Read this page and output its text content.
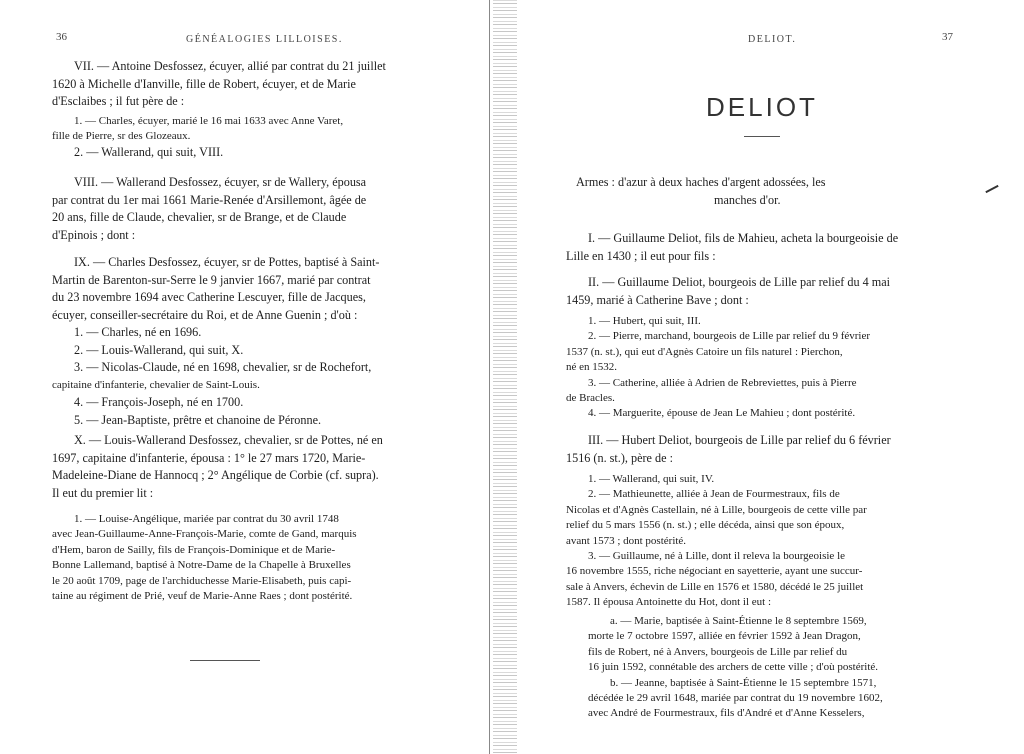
36	GÉNÉALOGIES LILLOISES.
VII. — Antoine Desfossez, écuyer, allié par contrat du 21 juillet
1620 à Michelle d'Ianville, fille de Robert, écuyer, et de Marie
d'Esclaibes ; il fut père de :
1. — Charles, écuyer, marié le 16 mai 1633 avec Anne Varet,
fille de Pierre, sr des Glozeaux.
2. — Wallerand, qui suit, VIII.
VIII. — Wallerand Desfossez, écuyer, sr de Wallery, épousa
par contrat du 1er mai 1661 Marie-Renée d'Arsillemont, âgée de
20 ans, fille de Claude, chevalier, sr de Brange, et de Claude
d'Epinois ; dont :
IX. — Charles Desfossez, écuyer, sr de Pottes, baptisé à Saint-
Martin de Barenton-sur-Serre le 9 janvier 1667, marié par contrat
du 23 novembre 1694 avec Catherine Lescuyer, fille de Jacques,
écuyer, conseiller-secrétaire du Roi, et de Anne Guenin ; d'où :
1. — Charles, né en 1696.
2. — Louis-Wallerand, qui suit, X.
3. — Nicolas-Claude, né en 1698, chevalier, sr de Rochefort,
capitaine d'infanterie, chevalier de Saint-Louis.
4. — François-Joseph, né en 1700.
5. — Jean-Baptiste, prêtre et chanoine de Péronne.
X. — Louis-Wallerand Desfossez, chevalier, sr de Pottes, né en
1697, capitaine d'infanterie, épousa : 1° le 27 mars 1720, Marie-
Madeleine-Diane de Hannocq ; 2° Angélique de Corbie (cf. supra).
Il eut du premier lit :
1. — Louise-Angélique, mariée par contrat du 30 avril 1748
avec Jean-Guillaume-Anne-François-Marie, comte de Gand, marquis
d'Hem, baron de Sailly, fils de François-Dominique et de Marie-
Bonne Lallemand, baptisé à Notre-Dame de la Chapelle à Bruxelles
le 20 août 1709, page de l'archiduchesse Marie-Elisabeth, puis capi-
taine au régiment de Prié, veuf de Marie-Anne Raes ; dont postérité.
DELIOT.	37
DELIOT
Armes : d'azur à deux haches d'argent adossées, les
manches d'or.
I. — Guillaume Deliot, fils de Mahieu, acheta la bourgeoisie de
Lille en 1430 ; il eut pour fils :
II. — Guillaume Deliot, bourgeois de Lille par relief du 4 mai
1459, marié à Catherine Bave ; dont :
1. — Hubert, qui suit, III.
2. — Pierre, marchand, bourgeois de Lille par relief du 9 février
1537 (n. st.), qui eut d'Agnès Catoire un fils naturel : Pierchon,
né en 1532.
3. — Catherine, alliée à Adrien de Rebreviettes, puis à Pierre
de Bracles.
4. — Marguerite, épouse de Jean Le Mahieu ; dont postérité.
III. — Hubert Deliot, bourgeois de Lille par relief du 6 février
1516 (n. st.), père de :
1. — Wallerand, qui suit, IV.
2. — Mathieunette, alliée à Jean de Fourmestraux, fils de
Nicolas et d'Agnès Castellain, né à Lille, bourgeois de cette ville par
relief du 5 mars 1556 (n. st.) ; elle décéda, ainsi que son époux,
avant 1573 ; dont postérité.
3. — Guillaume, né à Lille, dont il releva la bourgeoisie le
16 novembre 1555, riche négociant en sayetterie, ayant une succur-
sale à Anvers, échevin de Lille en 1576 et 1580, décédé le 25 juillet
1587. Il épousa Antoinette du Hot, dont il eut :
a. — Marie, baptisée à Saint-Étienne le 8 septembre 1569,
morte le 7 octobre 1597, alliée en février 1592 à Jean Dragon,
fils de Robert, né à Anvers, bourgeois de Lille par relief du
16 juin 1592, connétable des archers de cette ville ; d'où postérité.
b. — Jeanne, baptisée à Saint-Étienne le 15 septembre 1571,
décédée le 29 avril 1648, mariée par contrat du 19 novembre 1602,
avec André de Fourmestraux, fils d'André et d'Anne Kesselers,
